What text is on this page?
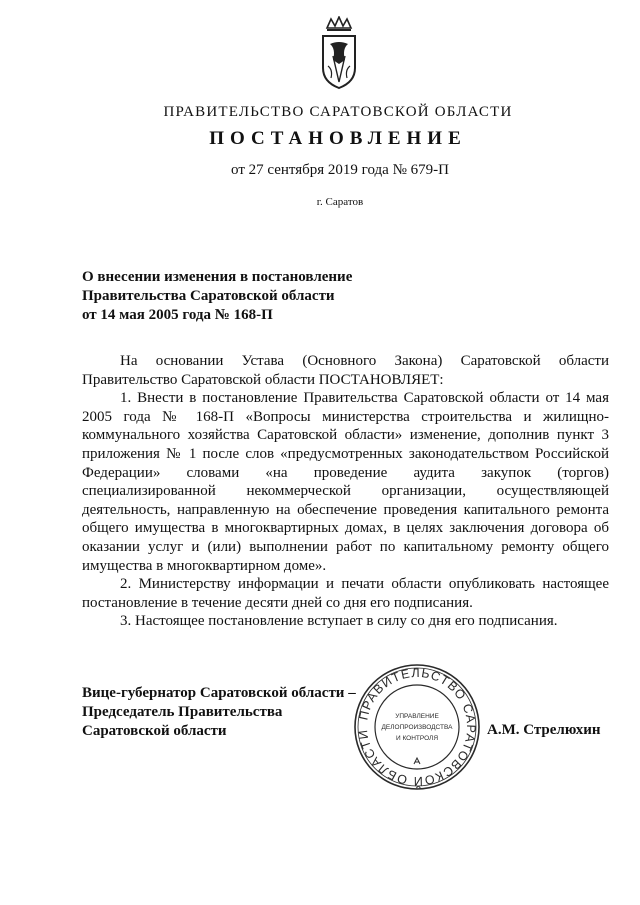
ПРАВИТЕЛЬСТВО САРАТОВСКОЙ ОБЛАСТИ
ПОСТАНОВЛЕНИЕ
от 27 сентября 2019 года № 679-П
г. Саратов
О внесении изменения в постановление
Правительства Саратовской области
от 14 мая 2005 года № 168-П

На основании Устава (Основного Закона) Саратовской области Правительство Саратовской области ПОСТАНОВЛЯЕТ:

1. Внести в постановление Правительства Саратовской области от 14 мая 2005 года № 168-П «Вопросы министерства строительства и жилищно-коммунального хозяйства Саратовской области» изменение, дополнив пункт 3 приложения № 1 после слов «предусмотренных законодательством Российской Федерации» словами «на проведение аудита закупок (торгов) специализированной некоммерческой организации, осуществляющей деятельность, направленную на обеспечение проведения капитального ремонта общего имущества в многоквартирных домах, в целях заключения договора об оказании услуг и (или) выполнении работ по капитальному ремонту общего имущества в многоквартирном доме».

2. Министерству информации и печати области опубликовать настоящее постановление в течение десяти дней со дня его подписания.

3. Настоящее постановление вступает в силу со дня его подписания.

Вице-губернатор Саратовской области –
Председатель Правительства
Саратовской области
ПРАВИТЕЛЬСТВО САРАТОВСКОЙ ОБЛАСТИ
УПРАВЛЕНИЕ
ДЕЛОПРОИЗВОДСТВА
И КОНТРОЛЯ
А.М. Стрелюхин
